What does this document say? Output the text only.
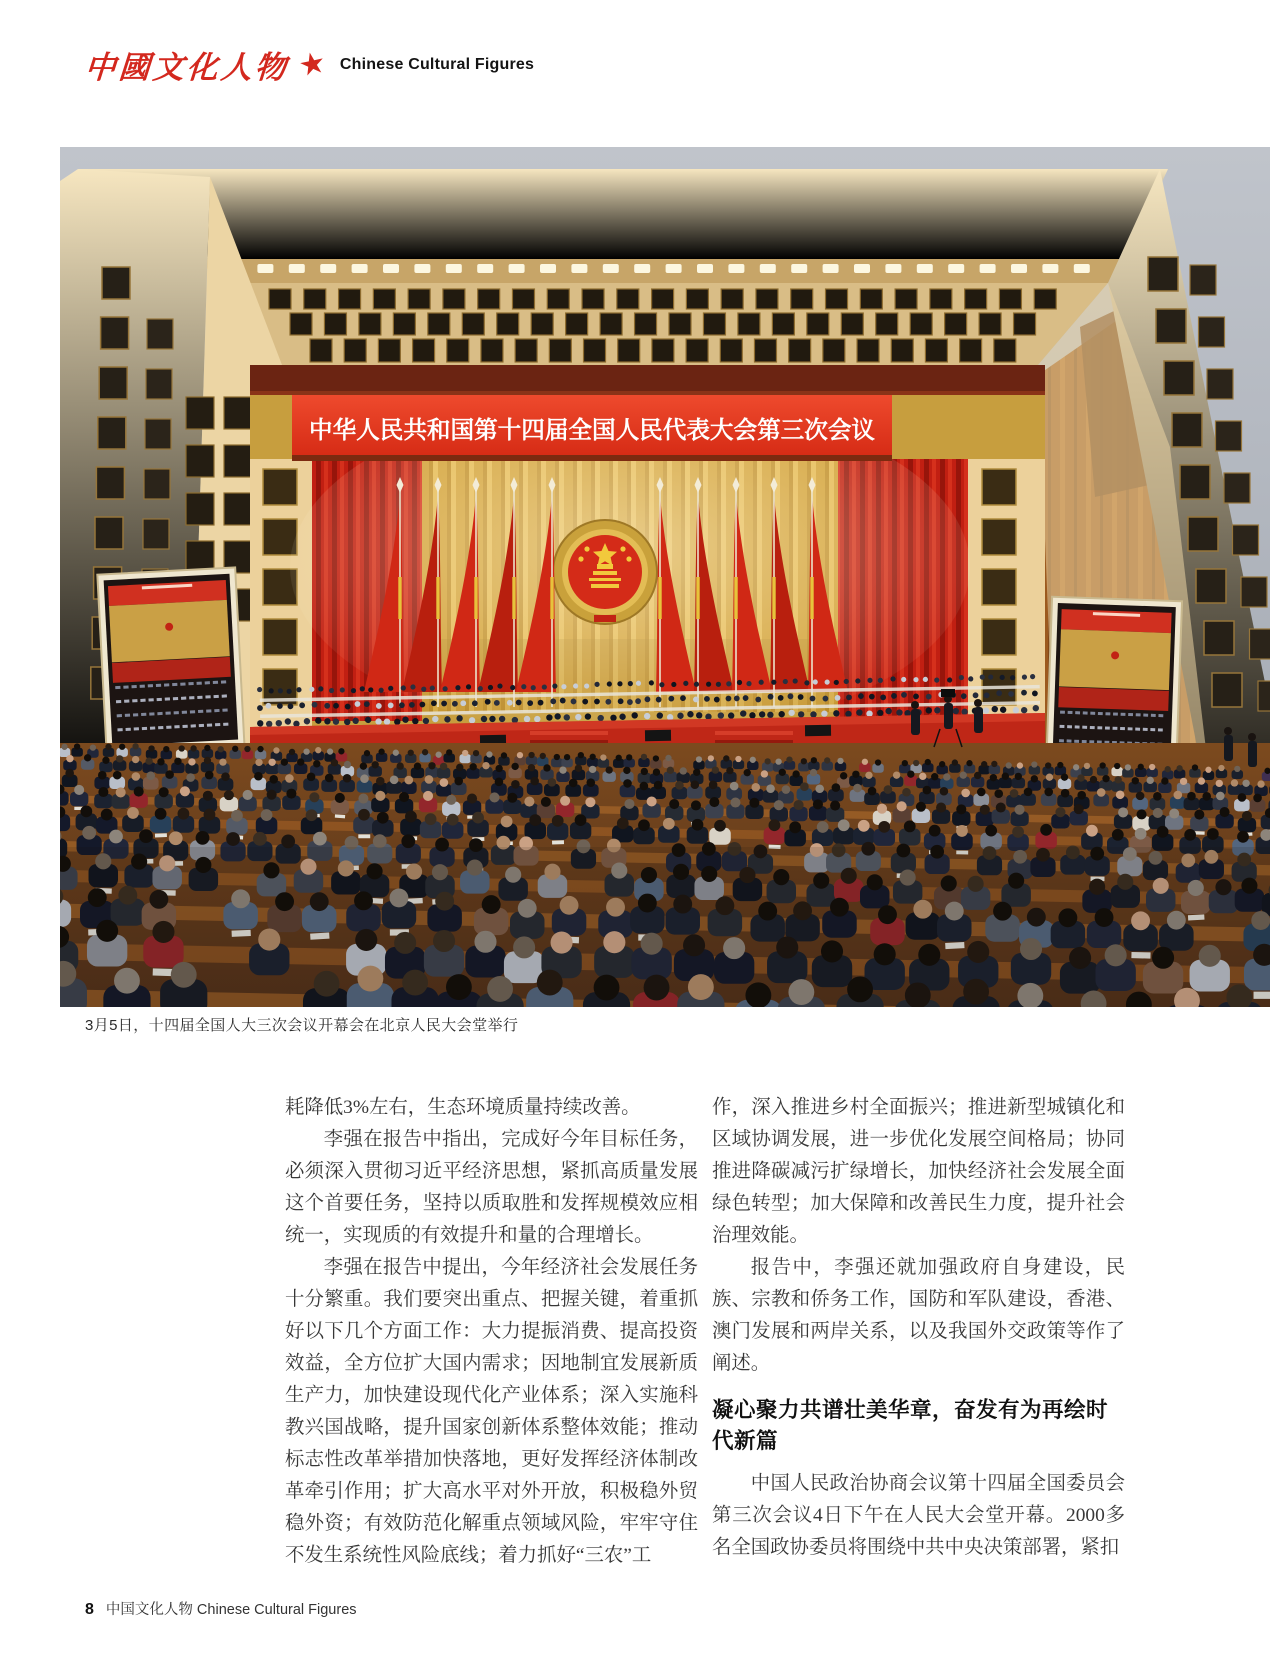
中國文化人物 ★ Chinese Cultural Figures
中华人民共和国第十四届全国人民代表大会第三次会议
3月5日，十四届全国人大三次会议开幕会在北京人民大会堂举行

耗降低3%左右，生态环境质量持续改善。

李强在报告中指出，完成好今年目标任务，必须深入贯彻习近平经济思想，紧抓高质量发展这个首要任务，坚持以质取胜和发挥规模效应相统一，实现质的有效提升和量的合理增长。

李强在报告中提出，今年经济社会发展任务十分繁重。我们要突出重点、把握关键，着重抓好以下几个方面工作：大力提振消费、提高投资效益，全方位扩大国内需求；因地制宜发展新质生产力，加快建设现代化产业体系；深入实施科教兴国战略，提升国家创新体系整体效能；推动标志性改革举措加快落地，更好发挥经济体制改革牵引作用；扩大高水平对外开放，积极稳外贸稳外资；有效防范化解重点领域风险，牢牢守住不发生系统性风险底线；着力抓好“三农”工

作，深入推进乡村全面振兴；推进新型城镇化和区域协调发展，进一步优化发展空间格局；协同推进降碳减污扩绿增长，加快经济社会发展全面绿色转型；加大保障和改善民生力度，提升社会治理效能。

报告中，李强还就加强政府自身建设，民族、宗教和侨务工作，国防和军队建设，香港、澳门发展和两岸关系，以及我国外交政策等作了阐述。

凝心聚力共谱壮美华章，奋发有为再绘时代新篇

中国人民政治协商会议第十四届全国委员会第三次会议4日下午在人民大会堂开幕。2000多名全国政协委员将围绕中共中央决策部署，紧扣

8 中国文化人物 Chinese Cultural Figures
